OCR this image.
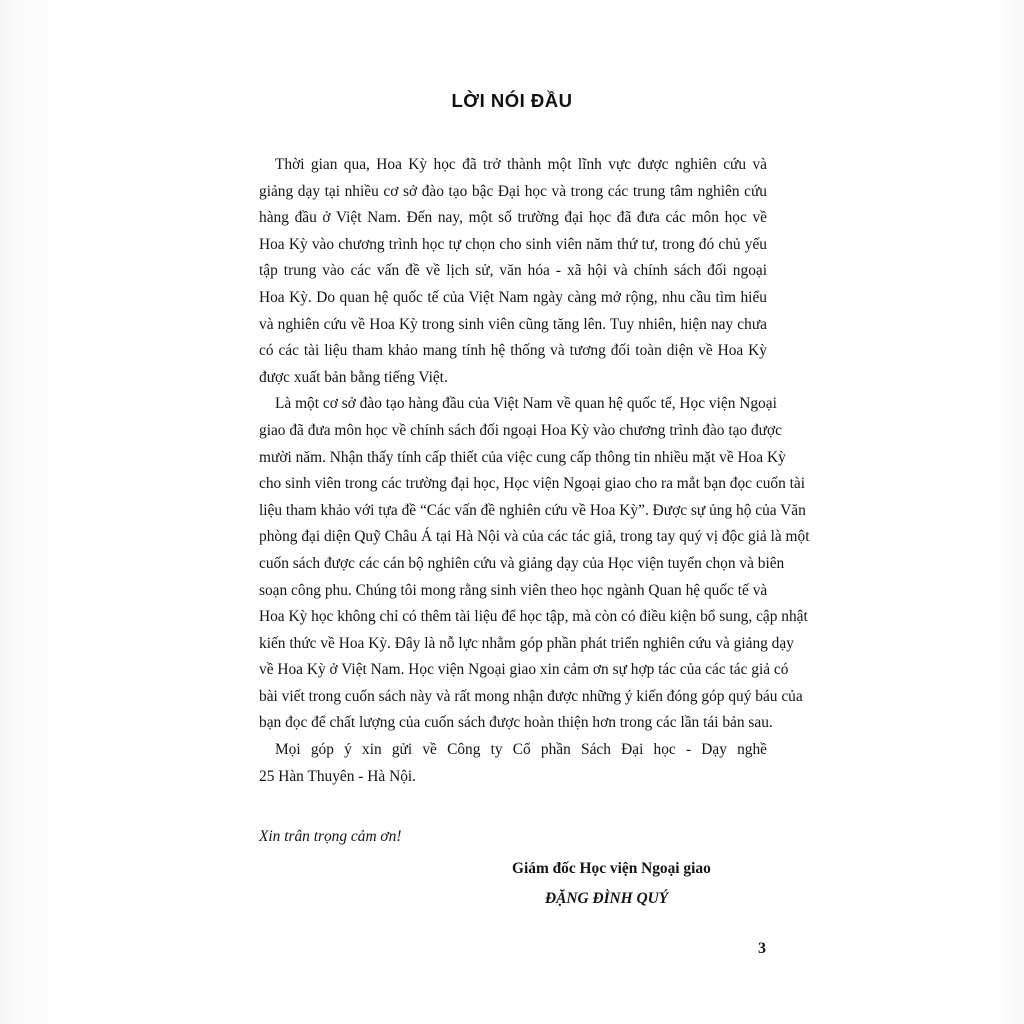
LỜI NÓI ĐẦU

Thời gian qua, Hoa Kỳ học đã trở thành một lĩnh vực được nghiên cứu và
giảng dạy tại nhiều cơ sở đào tạo bậc Đại học và trong các trung tâm nghiên cứu
hàng đầu ở Việt Nam. Đến nay, một số trường đại học đã đưa các môn học về
Hoa Kỳ vào chương trình học tự chọn cho sinh viên năm thứ tư, trong đó chủ yếu
tập trung vào các vấn đề về lịch sử, văn hóa - xã hội và chính sách đối ngoại
Hoa Kỳ. Do quan hệ quốc tế của Việt Nam ngày càng mở rộng, nhu cầu tìm hiểu
và nghiên cứu về Hoa Kỳ trong sinh viên cũng tăng lên. Tuy nhiên, hiện nay chưa
có các tài liệu tham khảo mang tính hệ thống và tương đối toàn diện về Hoa Kỳ
được xuất bản bằng tiếng Việt.

Là một cơ sở đào tạo hàng đầu của Việt Nam về quan hệ quốc tế, Học viện Ngoại
giao đã đưa môn học về chính sách đối ngoại Hoa Kỳ vào chương trình đào tạo được
mười năm. Nhận thấy tính cấp thiết của việc cung cấp thông tin nhiều mặt về Hoa Kỳ
cho sinh viên trong các trường đại học, Học viện Ngoại giao cho ra mắt bạn đọc cuốn tài
liệu tham khảo với tựa đề “Các vấn đề nghiên cứu về Hoa Kỳ”. Được sự ủng hộ của Văn
phòng đại diện Quỹ Châu Á tại Hà Nội và của các tác giả, trong tay quý vị độc giả là một
cuốn sách được các cán bộ nghiên cứu và giảng dạy của Học viện tuyển chọn và biên
soạn công phu. Chúng tôi mong rằng sinh viên theo học ngành Quan hệ quốc tế và
Hoa Kỳ học không chỉ có thêm tài liệu để học tập, mà còn có điều kiện bổ sung, cập nhật
kiến thức về Hoa Kỳ. Đây là nỗ lực nhằm góp phần phát triển nghiên cứu và giảng dạy
về Hoa Kỳ ở Việt Nam. Học viện Ngoại giao xin cảm ơn sự hợp tác của các tác giả có
bài viết trong cuốn sách này và rất mong nhận được những ý kiến đóng góp quý báu của
bạn đọc để chất lượng của cuốn sách được hoàn thiện hơn trong các lần tái bản sau.

Mọi góp ý xin gửi về Công ty Cổ phần Sách Đại học - Dạy nghề
25 Hàn Thuyên - Hà Nội.

Xin trân trọng cảm ơn!
Giám đốc Học viện Ngoại giao
ĐẶNG ĐÌNH QUÝ
3
